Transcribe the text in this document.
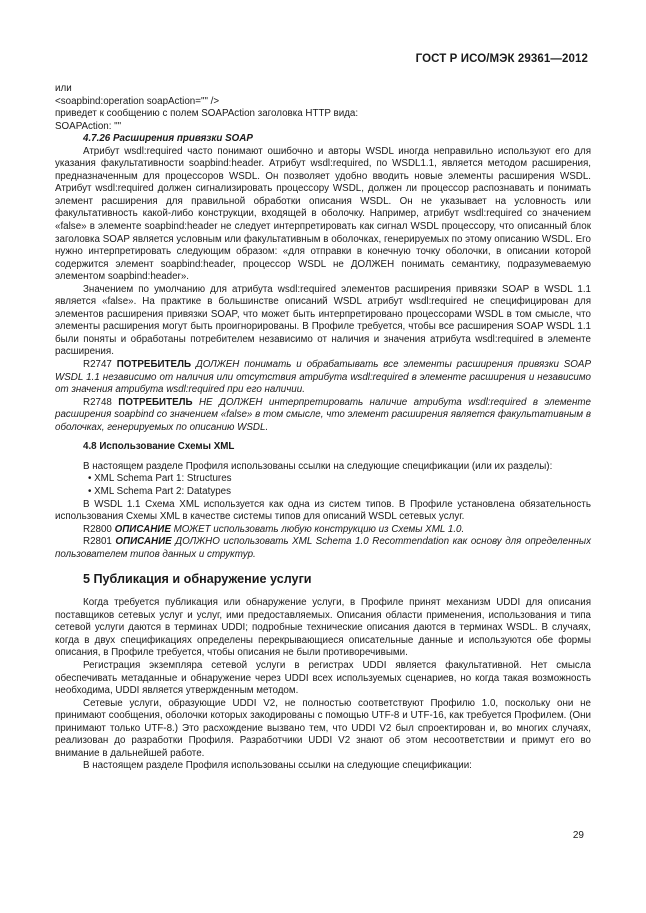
ГОСТ Р ИСО/МЭК 29361—2012

или

<soapbind:operation soapAction="" />

приведет к сообщению с полем SOAPAction заголовка HTTP вида:

SOAPAction: ""

4.7.26 Расширения привязки SOAP

Атрибут wsdl:required часто понимают ошибочно и авторы WSDL иногда неправильно используют его для указания факультативности soapbind:header. Атрибут wsdl:required, по WSDL1.1, является методом расширения, предназначенным для процессоров WSDL. Он позволяет удобно вводить новые элементы расширения WSDL. Атрибут wsdl:required должен сигнализировать процессору WSDL, должен ли процессор распознавать и понимать элемент расширения для правильной обработки описания WSDL. Он не указывает на условность или факультативность какой-либо конструкции, входящей в оболочку. Например, атрибут wsdl:required со значением «false» в элементе soapbind:header не следует интерпретировать как сигнал WSDL процессору, что описанный блок заголовка SOAP является условным или факультативным в оболочках, генерируемых по этому описанию WSDL. Его нужно интерпретировать следующим образом: «для отправки в конечную точку оболочки, в описании которой содержится элемент soapbind:header, процессор WSDL не ДОЛЖЕН понимать семантику, подразумеваемую элементом soapbind:header».

Значением по умолчанию для атрибута wsdl:required элементов расширения привязки SOAP в WSDL 1.1 является «false». На практике в большинстве описаний WSDL атрибут wsdl:required не специфицирован для элементов расширения привязки SOAP, что может быть интерпретировано процессорами WSDL в том смысле, что элементы расширения могут быть проигнорированы. В Профиле требуется, чтобы все расширения SOAP WSDL 1.1 были поняты и обработаны потребителем независимо от наличия и значения атрибута wsdl:required в элементе расширения.

R2747 ПОТРЕБИТЕЛЬ ДОЛЖЕН понимать и обрабатывать все элементы расширения привязки SOAP WSDL 1.1 независимо от наличия или отсутствия атрибута wsdl:required в элементе расширения и независимо от значения атрибута wsdl:required при его наличии.

R2748 ПОТРЕБИТЕЛЬ НЕ ДОЛЖЕН интерпретировать наличие атрибута wsdl:required в элементе расширения soapbind со значением «false» в том смысле, что элемент расширения является факультативным в оболочках, генерируемых по описанию WSDL.

4.8 Использование Схемы XML

В настоящем разделе Профиля использованы ссылки на следующие спецификации (или их разделы):

• XML Schema Part 1: Structures

• XML Schema Part 2: Datatypes

В WSDL 1.1 Схема XML используется как одна из систем типов. В Профиле установлена обязательность использования Схемы XML в качестве системы типов для описаний WSDL сетевых услуг.

R2800 ОПИСАНИЕ МОЖЕТ использовать любую конструкцию из Схемы XML 1.0.

R2801 ОПИСАНИЕ ДОЛЖНО использовать XML Schema 1.0 Recommendation как основу для определенных пользователем типов данных и структур.

5 Публикация и обнаружение услуги

Когда требуется публикация или обнаружение услуги, в Профиле принят механизм UDDI для описания поставщиков сетевых услуг и услуг, ими предоставляемых. Описания области применения, использования и типа сетевой услуги даются в терминах UDDI; подробные технические описания даются в терминах WSDL. В случаях, когда в двух спецификациях определены перекрывающиеся описательные данные и используются обе формы описания, в Профиле требуется, чтобы описания не были противоречивыми.

Регистрация экземпляра сетевой услуги в регистрах UDDI является факультативной. Нет смысла обеспечивать метаданные и обнаружение через UDDI всех используемых сценариев, но когда такая возможность необходима, UDDI является утвержденным методом.

Сетевые услуги, образующие UDDI V2, не полностью соответствуют Профилю 1.0, поскольку они не принимают сообщения, оболочки которых закодированы с помощью UTF-8 и UTF-16, как требуется Профилем. (Они принимают только UTF-8.) Это расхождение вызвано тем, что UDDI V2 был спроектирован и, во многих случаях, реализован до разработки Профиля. Разработчики UDDI V2 знают об этом несоответствии и примут его во внимание в дальнейшей работе.

В настоящем разделе Профиля использованы ссылки на следующие спецификации:

29
